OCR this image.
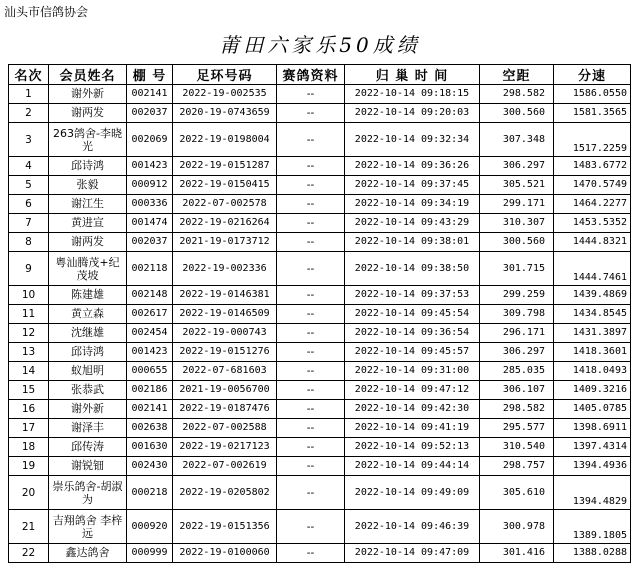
汕头市信鸽协会
莆田六家乐50成绩
名次	会员姓名	棚 号	足环号码	赛鸽资料	归 巢 时 间	空距	分速
1	谢外新	002141	2022-19-002535	--	2022-10-14 09:18:15	298.582	1586.0550
2	谢两发	002037	2020-19-0743659	--	2022-10-14 09:20:03	300.560	1581.3565
3	263鸽舍-李晓光	002069	2022-19-0198004	--	2022-10-14 09:32:34	307.348	1517.2259
4	邱诗鸿	001423	2022-19-0151287	--	2022-10-14 09:36:26	306.297	1483.6772
5	张毅	000912	2022-19-0150415	--	2022-10-14 09:37:45	305.521	1470.5749
6	谢江生	000336	2022-07-002578	--	2022-10-14 09:34:19	299.171	1464.2277
7	黄进宣	001474	2022-19-0216264	--	2022-10-14 09:43:29	310.307	1453.5352
8	谢两发	002037	2021-19-0173712	--	2022-10-14 09:38:01	300.560	1444.8321
9	粤汕腾茂+纪茂坡	002118	2022-19-002336	--	2022-10-14 09:38:50	301.715	1444.7461
10	陈建雄	002148	2022-19-0146381	--	2022-10-14 09:37:53	299.259	1439.4869
11	黄立森	002617	2022-19-0146509	--	2022-10-14 09:45:54	309.798	1434.8545
12	沈继雄	002454	2022-19-000743	--	2022-10-14 09:36:54	296.171	1431.3897
13	邱诗鸿	001423	2022-19-0151276	--	2022-10-14 09:45:57	306.297	1418.3601
14	蚁旭明	000655	2022-07-681603	--	2022-10-14 09:31:00	285.035	1418.0493
15	张恭武	002186	2021-19-0056700	--	2022-10-14 09:47:12	306.107	1409.3216
16	谢外新	002141	2022-19-0187476	--	2022-10-14 09:42:30	298.582	1405.0785
17	谢泽丰	002638	2022-07-002588	--	2022-10-14 09:41:19	295.577	1398.6911
18	邱传涛	001630	2022-19-0217123	--	2022-10-14 09:52:13	310.540	1397.4314
19	谢锐钿	002430	2022-07-002619	--	2022-10-14 09:44:14	298.757	1394.4936
20	崇乐鸽舍-胡淑为	000218	2022-19-0205802	--	2022-10-14 09:49:09	305.610	1394.4829
21	吉翔鸽舍 李梓远	000920	2022-19-0151356	--	2022-10-14 09:46:39	300.978	1389.1805
22	鑫达鸽舍	000999	2022-19-0100060	--	2022-10-14 09:47:09	301.416	1388.0288
